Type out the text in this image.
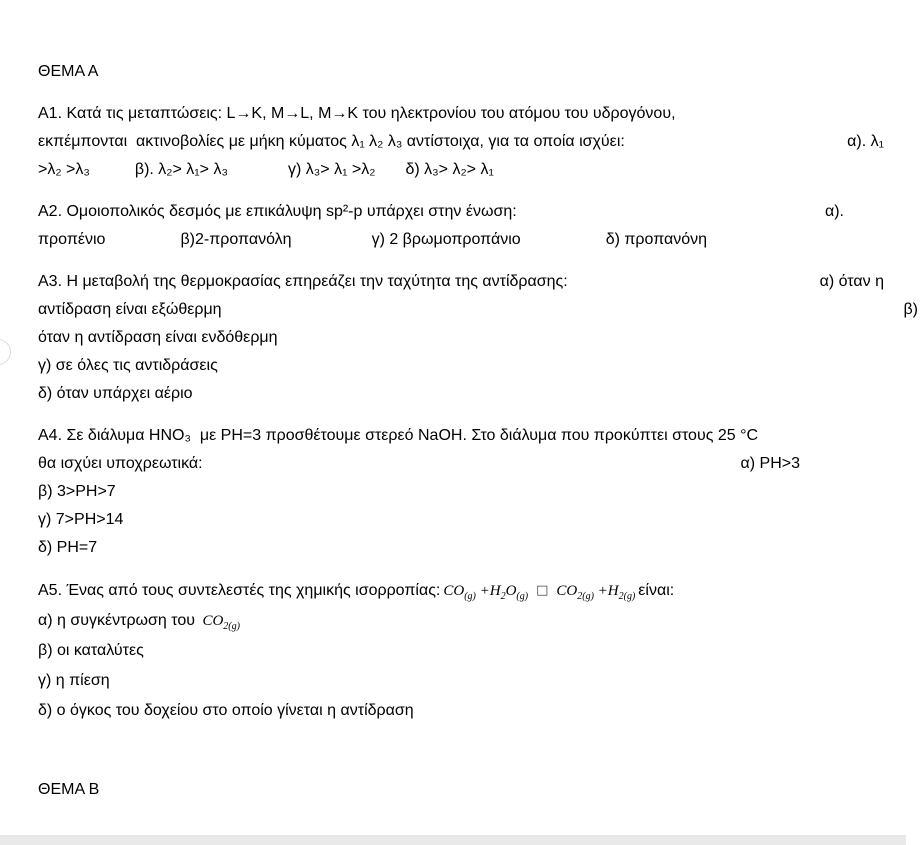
ΘΕΜΑ Α
Α1. Κατά τις μεταπτώσεις: L→K, M→L, M→K του ηλεκτρονίου του ατόμου του υδρογόνου,
εκπέμπονται  ακτινοβολίες με μήκη κύματος λ₁ λ₂ λ₃ αντίστοιχα, για τα οποία ισχύει:	α). λ₁
>λ₂ >λ₃	β). λ₂> λ₁> λ₃	γ) λ₃> λ₁ >λ₂ δ) λ₃> λ₂> λ₁
Α2. Ομοιοπολικός δεσμός με επικάλυψη sp²-p υπάρχει στην ένωση:	α).
προπένιο	β)2-προπανόλη	γ) 2 βρωμοπροπάνιο	δ) προπανόνη
Α3. Η μεταβολή της θερμοκρασίας επηρεάζει την ταχύτητα της αντίδρασης:	α) όταν η
αντίδραση είναι εξώθερμη	β)
όταν η αντίδραση είναι ενδόθερμη
γ) σε όλες τις αντιδράσεις
δ) όταν υπάρχει αέριο
Α4. Σε διάλυμα ΗΝΟ₃  με PH=3 προσθέτουμε στερεό NaOH. Στο διάλυμα που προκύπτει στους 25 °C
θα ισχύει υποχρεωτικά:	α) PH>3
β) 3>PH>7
γ) 7>PH>14
δ) PH=7
Α5. Ένας από τους συντελεστές της χημικής ισορροπίας: $CO_{(g)} +H_2O_{(g)}$ □ $CO_{2(g)} +H_{2(g)}$ είναι:
α) η συγκέντρωση του $CO_{2(g)}$
β) οι καταλύτες
γ) η πίεση
δ) ο όγκος του δοχείου στο οποίο γίνεται η αντίδραση
ΘΕΜΑ Β
